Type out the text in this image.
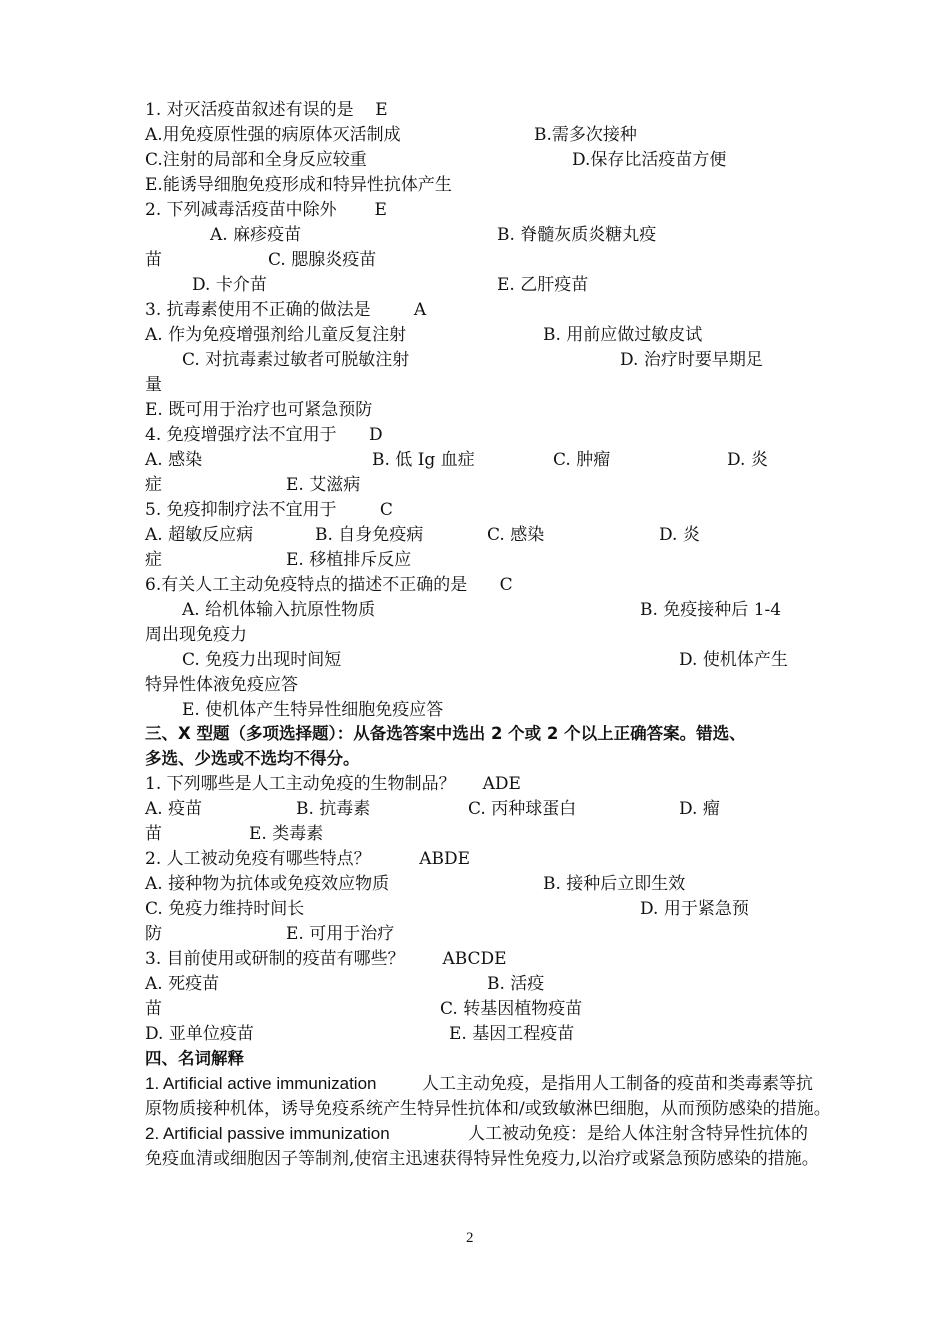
1. 对灭活疫苗叙述有误的是    E
A.用免疫原性强的病原体灭活制成	B.需多次接种
C.注射的局部和全身反应较重	D.保存比活疫苗方便
E.能诱导细胞免疫形成和特异性抗体产生
2. 下列减毒活疫苗中除外       E
A. 麻疹疫苗	B. 脊髓灰质炎糖丸疫
苗	C. 腮腺炎疫苗
D. 卡介苗	E. 乙肝疫苗
3. 抗毒素使用不正确的做法是        A
A. 作为免疫增强剂给儿童反复注射	B. 用前应做过敏皮试
C. 对抗毒素过敏者可脱敏注射	D. 治疗时要早期足
量
E. 既可用于治疗也可紧急预防
4. 免疫增强疗法不宜用于      D
A. 感染	B. 低 Ig 血症	C. 肿瘤	D. 炎
症	E. 艾滋病
5. 免疫抑制疗法不宜用于        C
A. 超敏反应病	B. 自身免疫病	C. 感染	D. 炎
症	E. 移植排斥反应
6.有关人工主动免疫特点的描述不正确的是      C
A. 给机体输入抗原性物质	B. 免疫接种后 1-4
周出现免疫力
C. 免疫力出现时间短	D. 使机体产生
特异性体液免疫应答
E. 使机体产生特异性细胞免疫应答
三、X 型题（多项选择题）：从备选答案中选出 2 个或 2 个以上正确答案。错选、
多选、少选或不选均不得分。
1. 下列哪些是人工主动免疫的生物制品？     ADE
A. 疫苗	B. 抗毒素	C. 丙种球蛋白	D. 瘤
苗	E. 类毒素
2. 人工被动免疫有哪些特点？         ABDE
A. 接种物为抗体或免疫效应物质	B. 接种后立即生效
C. 免疫力维持时间长	D. 用于紧急预
防	E. 可用于治疗
3. 目前使用或研制的疫苗有哪些？       ABCDE
A. 死疫苗	B. 活疫
苗	C. 转基因植物疫苗
D. 亚单位疫苗	E. 基因工程疫苗
四、名词解释
1. Artificial active immunization	人工主动免疫，是指用人工制备的疫苗和类毒素等抗
原物质接种机体，诱导免疫系统产生特异性抗体和/或致敏淋巴细胞，从而预防感染的措施。
2. Artificial passive immunization	人工被动免疫：是给人体注射含特异性抗体的
免疫血清或细胞因子等制剂,使宿主迅速获得特异性免疫力,以治疗或紧急预防感染的措施。
2
